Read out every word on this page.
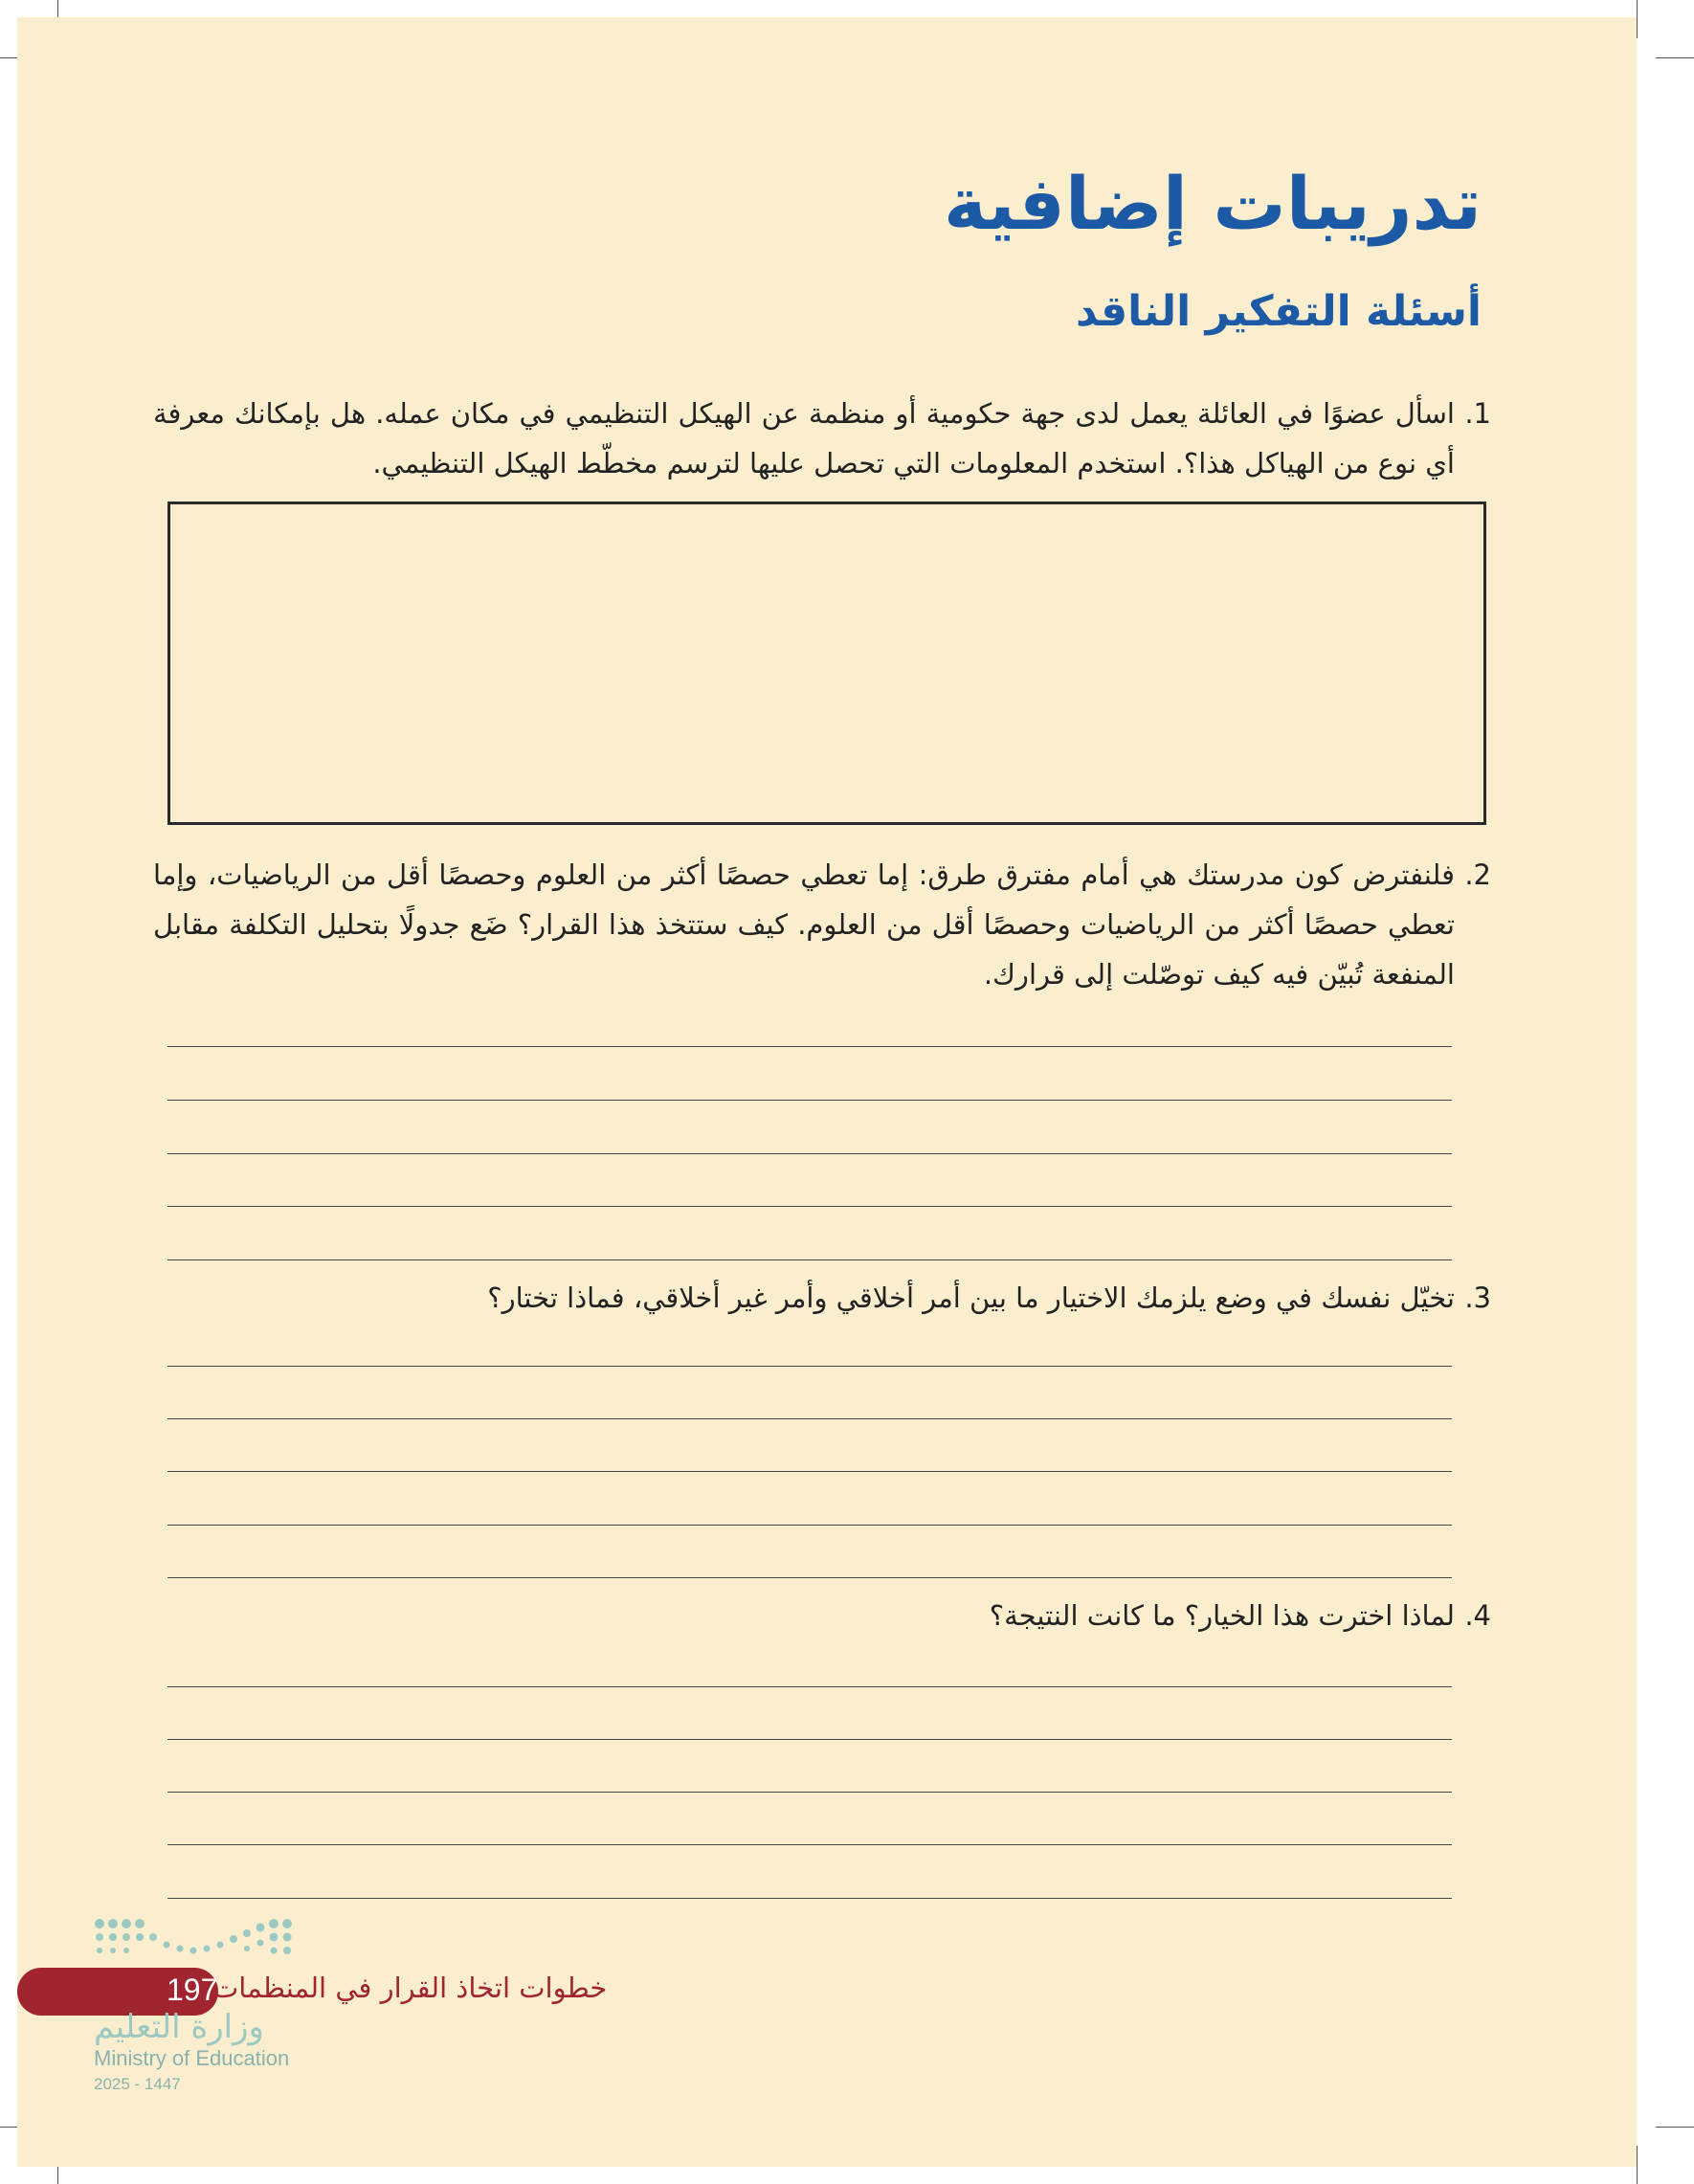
تدريبات إضافية
أسئلة التفكير الناقد
.1
اسأل عضوًا في العائلة يعمل لدى جهة حكومية أو منظمة عن الهيكل التنظيمي في مكان عمله. هل بإمكانك معرفة أي نوع من الهياكل هذا؟. استخدم المعلومات التي تحصل عليها لترسم مخطّط الهيكل التنظيمي.
.2
فلنفترض كون مدرستك هي أمام مفترق طرق: إما تعطي حصصًا أكثر من العلوم وحصصًا أقل من الرياضيات، وإما تعطي حصصًا أكثر من الرياضيات وحصصًا أقل من العلوم. كيف ستتخذ هذا القرار؟ ضَع جدولًا بتحليل التكلفة مقابل المنفعة تُبيّن فيه كيف توصّلت إلى قرارك.
.3
تخيّل نفسك في وضع يلزمك الاختيار ما بين أمر أخلاقي وأمر غير أخلاقي، فماذا تختار؟
.4
لماذا اخترت هذا الخيار؟ ما كانت النتيجة؟
197
خطوات اتخاذ القرار في المنظمات
وزارة التعليم
Ministry of Education
2025 - 1447
